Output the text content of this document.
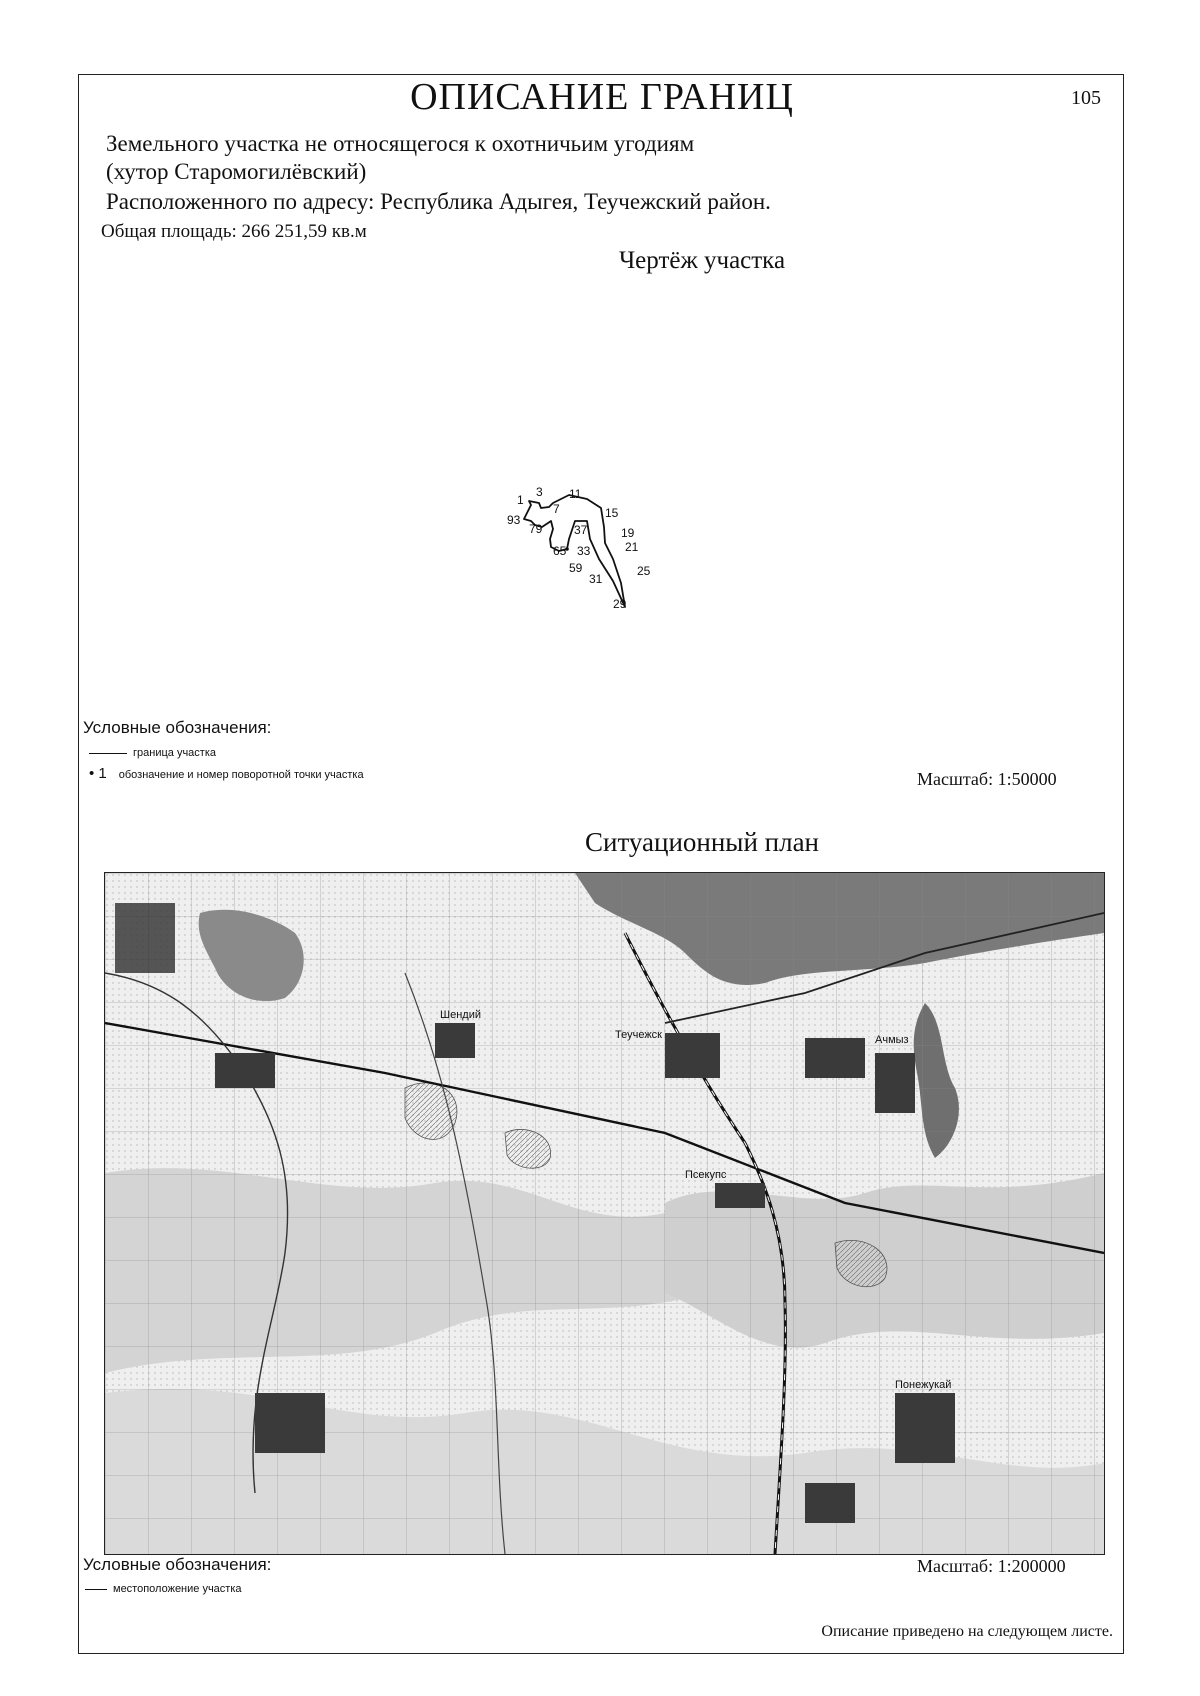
ОПИСАНИЕ ГРАНИЦ	105
Земельного участка не относящегося к охотничьим угодиям
(хутор Старомогилёвский)
Расположенного по адресу: Республика Адыгея, Теучежский район.
Общая площадь: 266 251,59 кв.м
Чертёж участка
1
3 11
7	15
93
79	37	19
21
65 33
59	25
31
29
Условные обозначения:
граница участка
• 1 обозначение и номер поворотной точки участка	Масштаб: 1:50000
Ситуационный план
Условные обозначения:
местоположение участка
Масштаб: 1:200000
Описание приведено на следующем листе.
Теучежск
Шендий
Псекупс
Ачмыз
Понежукай
